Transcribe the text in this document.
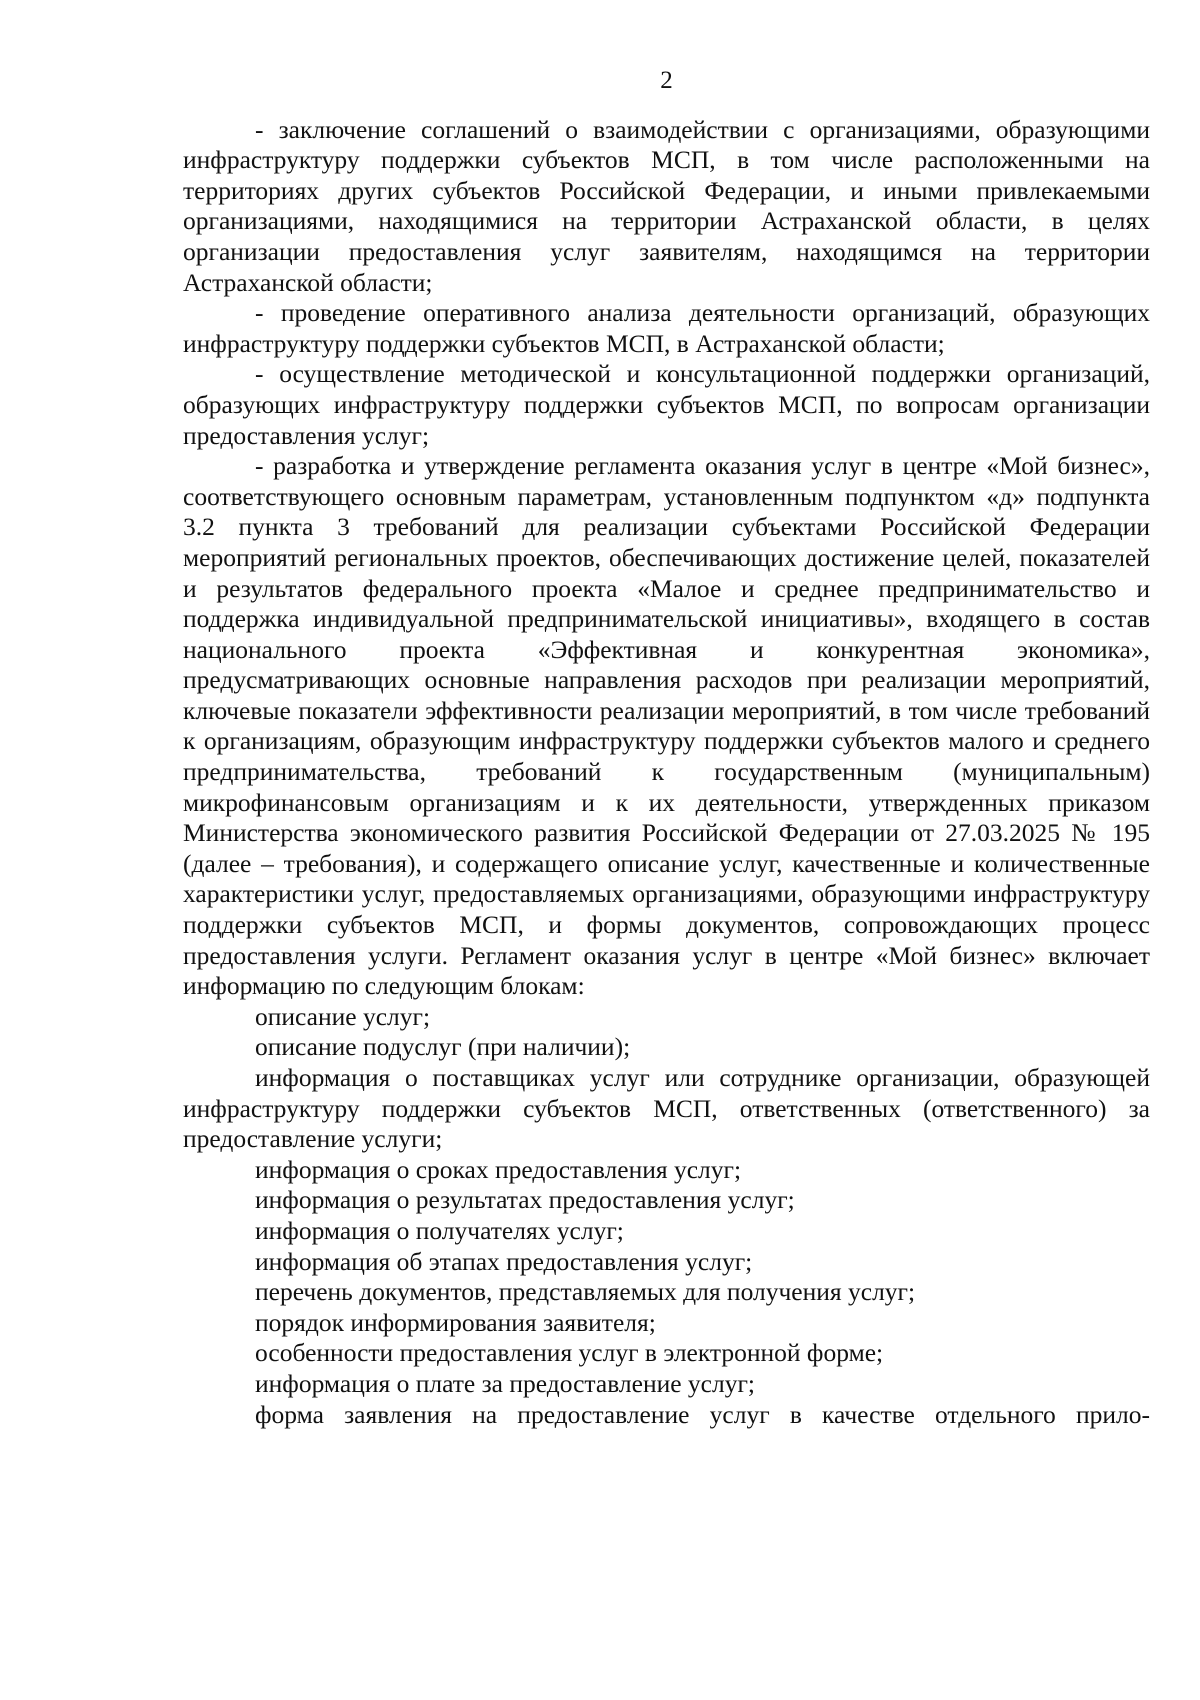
2

- заключение соглашений о взаимодействии с организациями, образующими инфраструктуру поддержки субъектов МСП, в том числе расположенными на территориях других субъектов Российской Федерации, и иными привлекаемыми организациями, находящимися на территории Астраханской области, в целях организации предоставления услуг заявителям, находящимся на территории Астраханской области;

- проведение оперативного анализа деятельности организаций, образующих инфраструктуру поддержки субъектов МСП, в Астраханской области;

- осуществление методической и консультационной поддержки организаций, образующих инфраструктуру поддержки субъектов МСП, по вопросам организации предоставления услуг;

- разработка и утверждение регламента оказания услуг в центре «Мой бизнес», соответствующего основным параметрам, установленным подпунктом «д» подпункта 3.2 пункта 3 требований для реализации субъектами Российской Федерации мероприятий региональных проектов, обеспечивающих достижение целей, показателей и результатов федерального проекта «Малое и среднее предпринимательство и поддержка индивидуальной предпринимательской инициативы», входящего в состав национального проекта «Эффективная и конкурентная экономика», предусматривающих основные направления расходов при реализации мероприятий, ключевые показатели эффективности реализации мероприятий, в том числе требований к организациям, образующим инфраструктуру поддержки субъектов малого и среднего предпринимательства, требований к государственным (муниципальным) микрофинансовым организациям и к их деятельности, утвержденных приказом Министерства экономического развития Российской Федерации от 27.03.2025 № 195 (далее – требования), и содержащего описание услуг, качественные и количественные характеристики услуг, предоставляемых организациями, образующими инфраструктуру поддержки субъектов МСП, и формы документов, сопровождающих процесс предоставления услуги. Регламент оказания услуг в центре «Мой бизнес» включает информацию по следующим блокам:

описание услуг;

описание подуслуг (при наличии);

информация о поставщиках услуг или сотруднике организации, образующей инфраструктуру поддержки субъектов МСП, ответственных (ответственного) за предоставление услуги;

информация о сроках предоставления услуг;

информация о результатах предоставления услуг;

информация о получателях услуг;

информация об этапах предоставления услуг;

перечень документов, представляемых для получения услуг;

порядок информирования заявителя;

особенности предоставления услуг в электронной форме;

информация о плате за предоставление услуг;

форма заявления на предоставление услуг в качестве отдельного прило-
